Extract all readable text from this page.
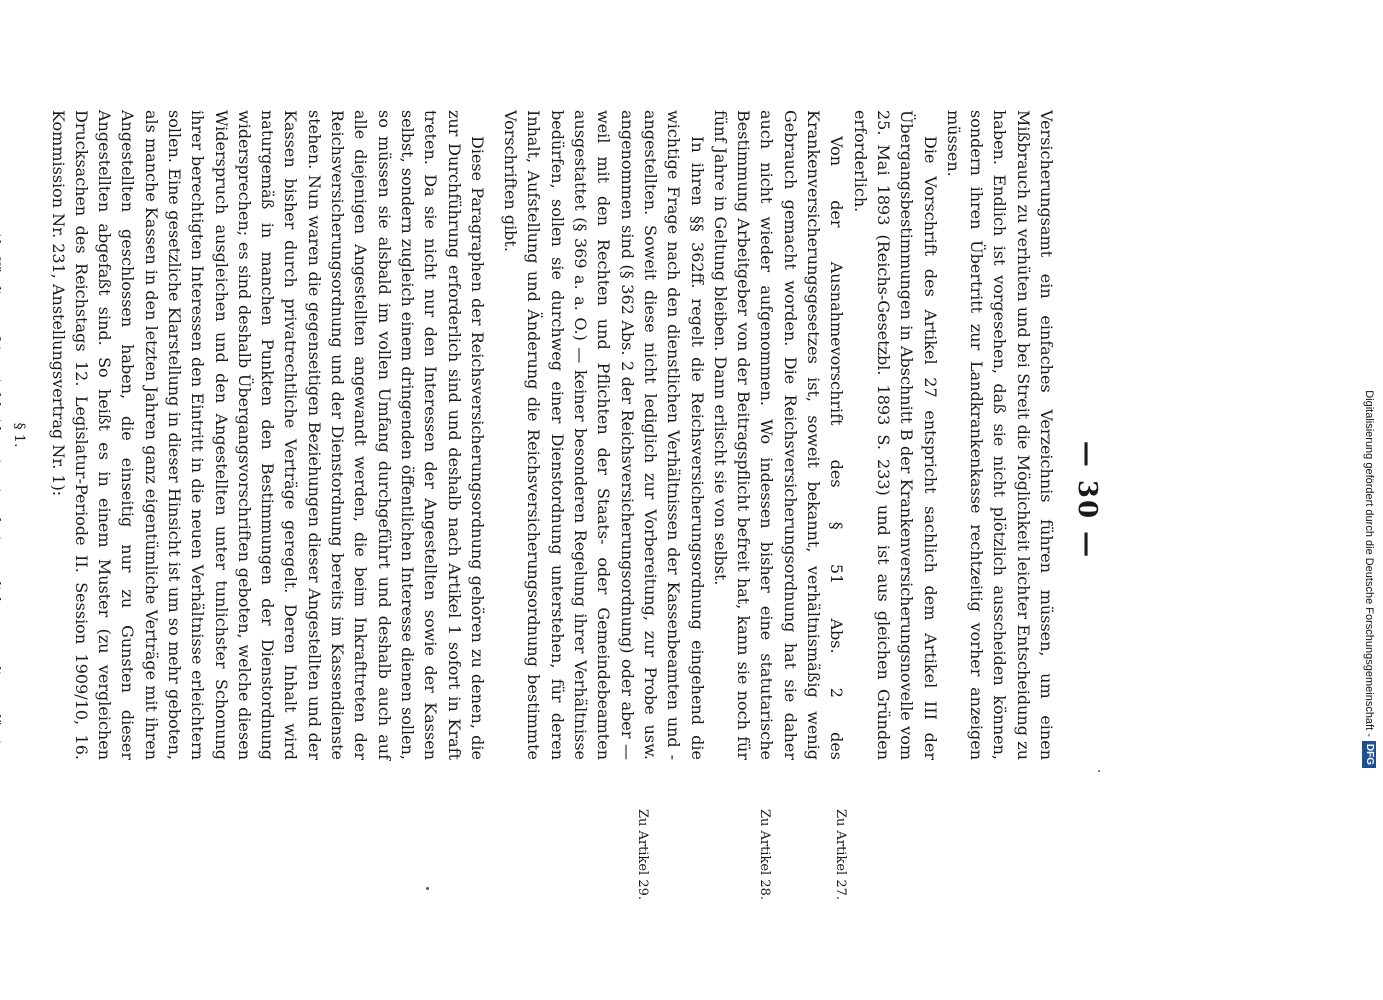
— 30 —
Zu Artikel 27.
Zu Artikel 28.
Zu Artikel 29.

Versicherungsamt ein einfaches Verzeichnis führen müssen, um einen Mißbrauch zu verhüten und bei Streit die Möglichkeit leichter Entscheidung zu haben. Endlich ist vorgesehen, daß sie nicht plötzlich ausscheiden können, sondern ihren Übertritt zur Landkrankenkasse rechtzeitig vorher anzeigen müssen.

Die Vorschrift des Artikel 27 entspricht sachlich dem Artikel III der Übergangsbestimmungen in Abschnitt B der Krankenversicherungsnovelle vom 25. Mai 1893 (Reichs-Gesetzbl. 1893 S. 233) und ist aus gleichen Gründen erforderlich.

Von der Ausnahmevorschrift des § 51 Abs. 2 des Krankenversicherungsgesetzes ist, soweit bekannt, verhältnismäßig wenig Gebrauch gemacht worden. Die Reichsversicherungsordnung hat sie daher auch nicht wieder aufgenommen. Wo indessen bisher eine statutarische Bestimmung Arbeitgeber von der Beitragspflicht befreit hat, kann sie noch für fünf Jahre in Geltung bleiben. Dann erlischt sie von selbst.

In ihren §§ 362ff. regelt die Reichsversicherungsordnung eingehend die wichtige Frage nach den dienstlichen Verhältnissen der Kassenbeamten und -angestellten. Soweit diese nicht lediglich zur Vorbereitung, zur Probe usw. angenommen sind (§ 362 Abs. 2 der Reichsversicherungsordnung) oder aber — weil mit den Rechten und Pflichten der Staats- oder Gemeindebeamten ausgestattet (§ 369 a. a. O.) — keiner besonderen Regelung ihrer Verhältnisse bedürfen, sollen sie durchweg einer Dienstordnung unterstehen, für deren Inhalt, Aufstellung und Änderung die Reichsversicherungsordnung bestimmte Vorschriften gibt.

Diese Paragraphen der Reichsversicherungsordnung gehören zu denen, die zur Durchführung erforderlich sind und deshalb nach Artikel 1 sofort in Kraft treten. Da sie nicht nur den Interessen der Angestellten sowie der Kassen selbst, sondern zugleich einem dringenden öffentlichen Interesse dienen sollen, so müssen sie alsbald im vollen Umfang durchgeführt und deshalb auch auf alle diejenigen Angestellten angewandt werden, die beim Inkrafttreten der Reichsversicherungsordnung und der Dienstordnung bereits im Kassendienste stehen. Nun waren die gegenseitigen Beziehungen dieser Angestellten und der Kassen bisher durch privatrechtliche Verträge geregelt. Deren Inhalt wird naturgemäß in manchen Punkten den Bestimmungen der Dienstordnung widersprechen; es sind deshalb Übergangsvorschriften geboten, welche diesen Widerspruch ausgleichen und den Angestellten unter tunlichster Schonung ihrer berechtigten Interessen den Eintritt in die neuen Verhältnisse erleichtern sollen. Eine gesetzliche Klarstellung in dieser Hinsicht ist um so mehr geboten, als manche Kassen in den letzten Jahren ganz eigentümliche Verträge mit ihren Angestellten geschlossen haben, die einseitig nur zu Gunsten dieser Angestellten abgefaßt sind. So heißt es in einem Muster (zu vergleichen Drucksachen des Reichstags 12. Legislatur-Periode II. Session 1909/10, 16. Kommission Nr. 231, Anstellungsvertrag Nr. 1):

§ 1.	Digitalisierung gefördert durch die Deutsche Forschungsgemeinschaft -
DFG
